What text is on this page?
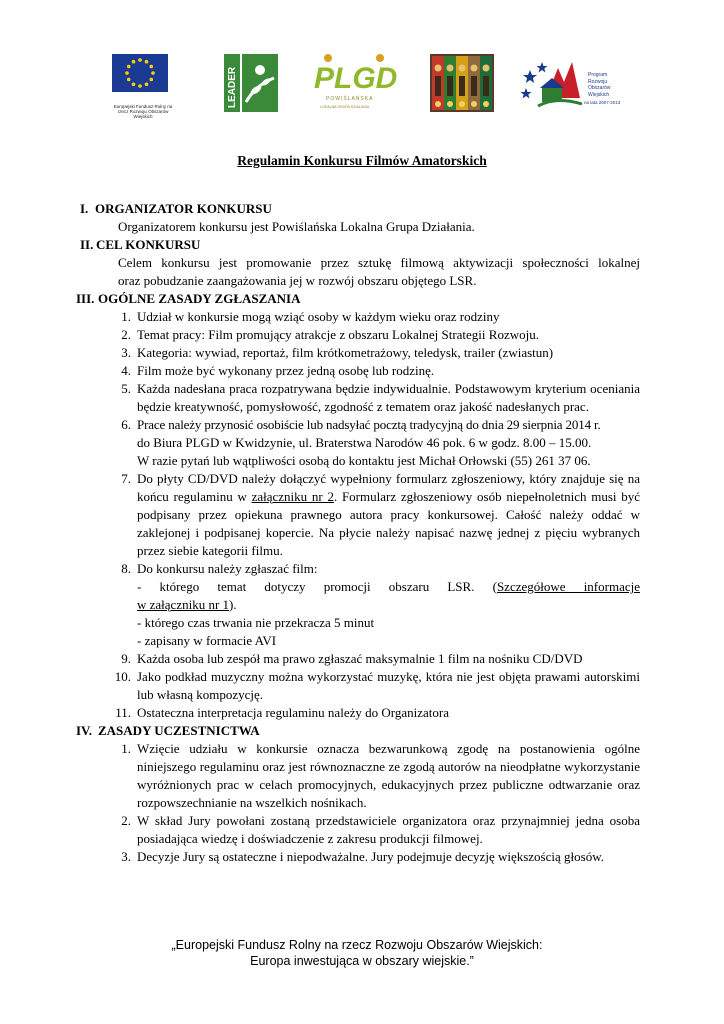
Europejski Fundusz Rolny na rzecz Rozwoju Obszarów Wiejskich
LEADER	PLGD
POWIŚLAŃSKA
LOKALNA GRUPA DZIAŁANIA
Program
Rozwoju
Obszarów
Wiejskich
na lata 2007-2013
Regulamin Konkursu Filmów Amatorskich
I. ORGANIZATOR KONKURSU
Organizatorem konkursu jest Powiślańska Lokalna Grupa Działania.
II. CEL KONKURSU
Celem konkursu jest promowanie przez sztukę filmową aktywizacji społeczności lokalnej
oraz pobudzanie zaangażowania jej w rozwój obszaru objętego LSR.
III. OGÓLNE ZASADY ZGŁASZANIA
1. Udział w konkursie mogą wziąć osoby w każdym wieku oraz rodziny
2. Temat pracy: Film promujący atrakcje z obszaru Lokalnej Strategii Rozwoju.
3. Kategoria: wywiad, reportaż, film krótkometrażowy, teledysk, trailer (zwiastun)
4. Film może być wykonany przez jedną osobę lub rodzinę.
5. Każda nadesłana praca rozpatrywana będzie indywidualnie. Podstawowym kryterium oceniania będzie kreatywność, pomysłowość, zgodność z tematem oraz jakość nadesłanych prac.
6. Prace należy przynosić osobiście lub nadsyłać pocztą tradycyjną do dnia 29 sierpnia 2014 r.
do Biura PLGD w Kwidzynie, ul. Braterstwa Narodów 46 pok. 6 w godz. 8.00 – 15.00.
W razie pytań lub wątpliwości osobą do kontaktu jest Michał Orłowski (55) 261 37 06.
7. Do płyty CD/DVD należy dołączyć wypełniony formularz zgłoszeniowy, który znajduje się na końcu regulaminu w załączniku nr 2. Formularz zgłoszeniowy osób niepełnoletnich musi być podpisany przez opiekuna prawnego autora pracy konkursowej. Całość należy oddać w zaklejonej i podpisanej kopercie. Na płycie należy napisać nazwę jednej z pięciu wybranych przez siebie kategorii filmu.
8. Do konkursu należy zgłaszać film:
- którego temat dotyczy promocji obszaru LSR. (Szczegółowe informacje
w załączniku nr 1).
- którego czas trwania nie przekracza 5 minut
- zapisany w formacie AVI
9. Każda osoba lub zespół ma prawo zgłaszać maksymalnie 1 film na nośniku CD/DVD
10. Jako podkład muzyczny można wykorzystać muzykę, która nie jest objęta prawami autorskimi lub własną kompozycję.
11. Ostateczna interpretacja regulaminu należy do Organizatora
IV. ZASADY UCZESTNICTWA
1. Wzięcie udziału w konkursie oznacza bezwarunkową zgodę na postanowienia ogólne niniejszego regulaminu oraz jest równoznaczne ze zgodą autorów na nieodpłatne wykorzystanie wyróżnionych prac w celach promocyjnych, edukacyjnych przez publiczne odtwarzanie oraz rozpowszechnianie na wszelkich nośnikach.
2. W skład Jury powołani zostaną przedstawiciele organizatora oraz przynajmniej jedna osoba posiadająca wiedzę i doświadczenie z zakresu produkcji filmowej.
3. Decyzje Jury są ostateczne i niepodważalne. Jury podejmuje decyzję większością głosów.
„Europejski Fundusz Rolny na rzecz Rozwoju Obszarów Wiejskich:
Europa inwestująca w obszary wiejskie.”
